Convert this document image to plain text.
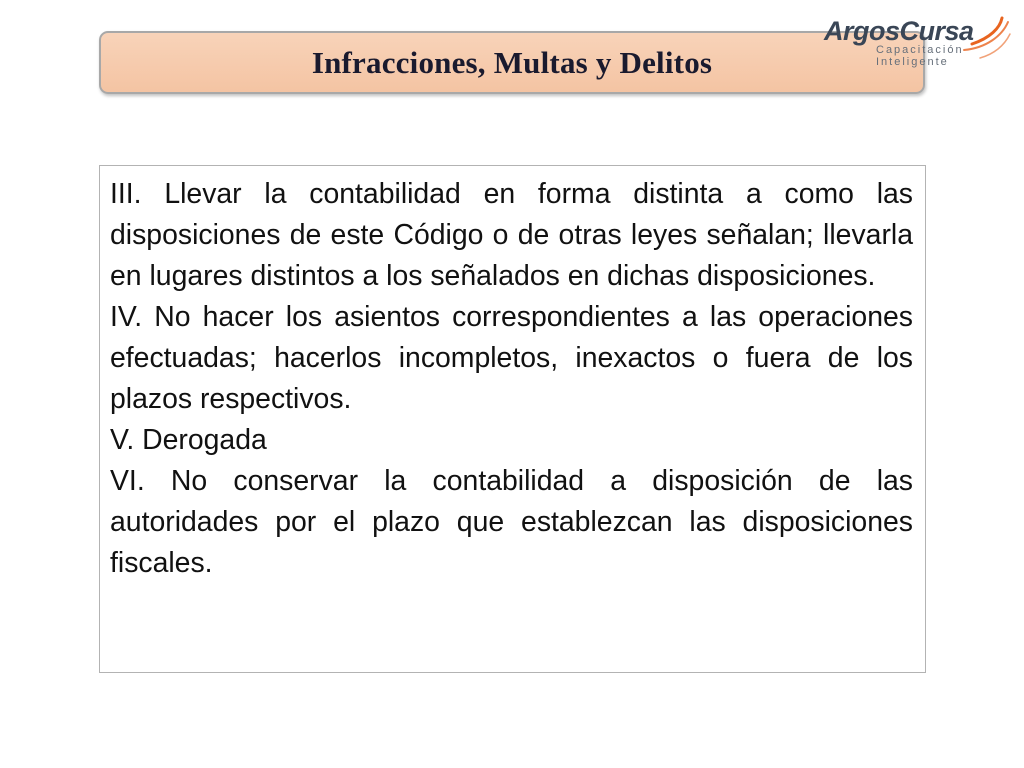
Infracciones, Multas y Delitos
ArgosCursa
Capacitación
Inteligente

III. Llevar la contabilidad en forma distinta a como las disposiciones de este Código o de otras leyes señalan; llevarla en lugares distintos a los señalados en dichas disposiciones.

IV. No hacer los asientos correspondientes a las operaciones efectuadas; hacerlos incompletos, inexactos o fuera de los plazos respectivos.

V. Derogada

VI. No conservar la contabilidad a disposición de las autoridades por el plazo que establezcan las disposiciones fiscales.
